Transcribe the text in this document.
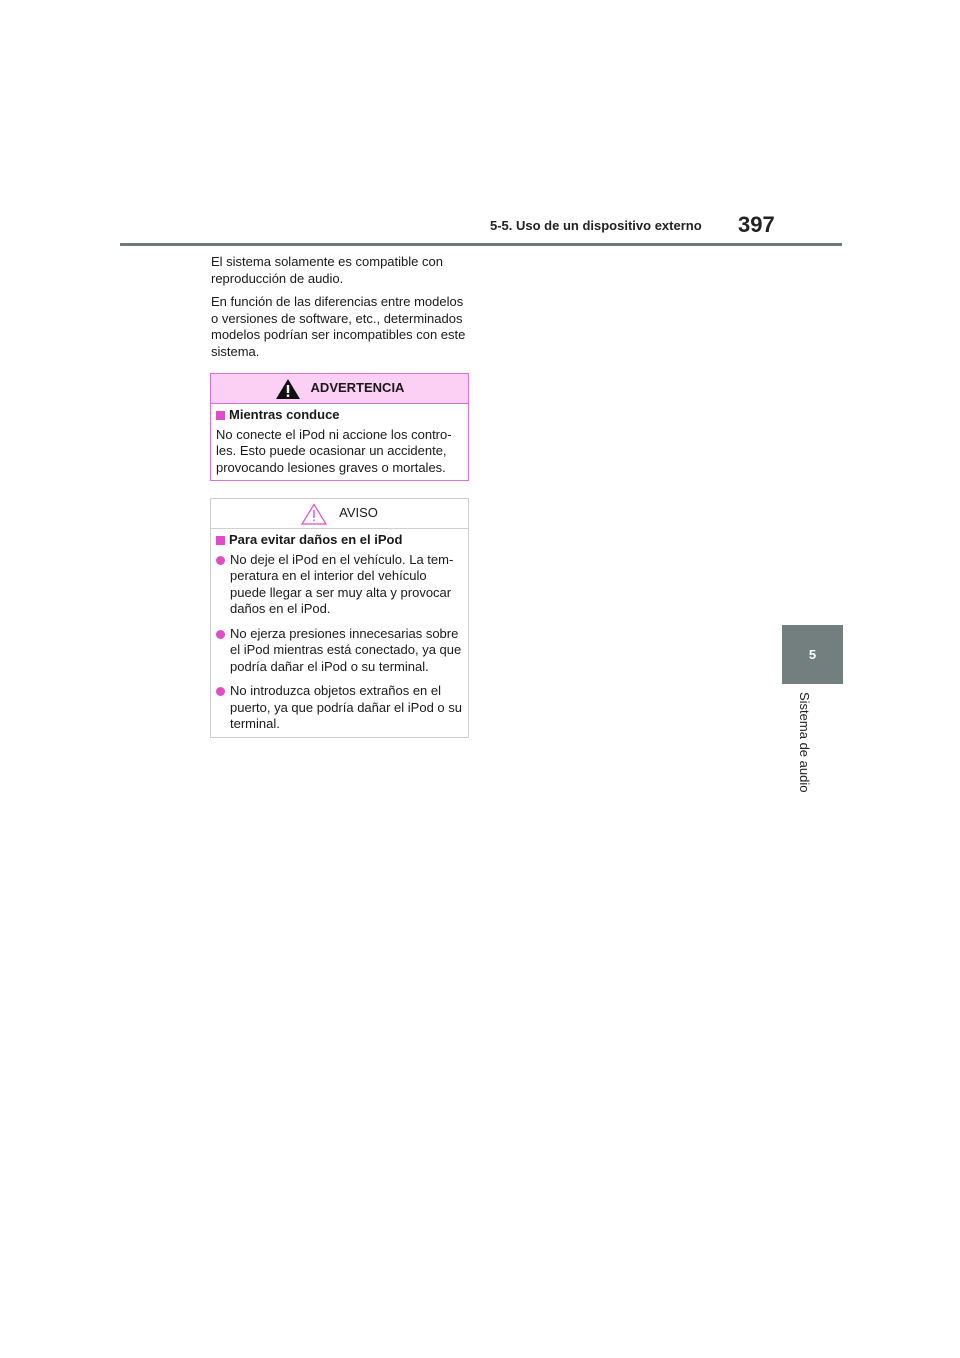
5-5. Uso de un dispositivo externo 397
5
Sistema de audio

El sistema solamente es compatible con reproducción de audio.

En función de las diferencias entre modelos o versiones de software, etc., determinados modelos podrían ser incompatibles con este sistema.

ADVERTENCIA
Mientras conduce

No conecte el iPod ni accione los contro-les. Esto puede ocasionar un accidente, provocando lesiones graves o mortales.

AVISO
Para evitar daños en el iPod
No deje el iPod en el vehículo. La tem-peratura en el interior del vehículo puede llegar a ser muy alta y provocar daños en el iPod.
No ejerza presiones innecesarias sobre el iPod mientras está conectado, ya que podría dañar el iPod o su terminal.
No introduzca objetos extraños en el puerto, ya que podría dañar el iPod o su terminal.
